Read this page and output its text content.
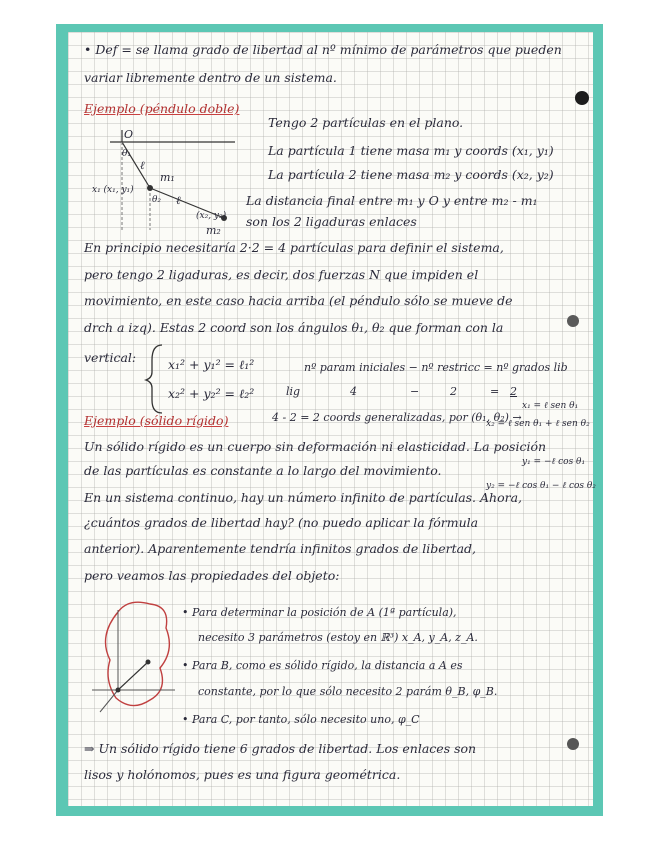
• Def = se llama grado de libertad al nº mínimo de parámetros que pueden
variar libremente dentro de un sistema.
Ejemplo (péndulo doble)
O
θ₁
ℓ
m₁
θ₂ ℓ
x₁ (x₁, y₁)
(x₂, y₂)
m₂
Tengo 2 partículas en el plano.
La partícula 1 tiene masa m₁ y coords (x₁, y₁)
La partícula 2 tiene masa m₂ y coords (x₂, y₂)
La distancia final entre m₁ y O y entre m₂ - m₁
son los 2 ligaduras enlaces
En principio necesitaría 2·2 = 4 partículas para definir el sistema,
pero tengo 2 ligaduras, es decir, dos fuerzas N que impiden el
movimiento, en este caso hacia arriba (el péndulo sólo se mueve de
drch a izq). Estas 2 coord son los ángulos θ₁, θ₂ que forman con la
vertical:	x₁² + y₁² = ℓ₁²
x₂² + y₂² = ℓ₂²
nº param iniciales − nº restricc = nº grados lib
lig	4	−	2	= 2
4 - 2 = 2 coords generalizadas, por (θ₁, θ₂) →
x₁ = ℓ sen θ₁
x₂ = ℓ sen θ₁ + ℓ sen θ₂
y₁ = −ℓ cos θ₁
y₂ = −ℓ cos θ₁ − ℓ cos θ₂
Ejemplo (sólido rígido)
Un sólido rígido es un cuerpo sin deformación ni elasticidad. La posición
de las partículas es constante a lo largo del movimiento.
En un sistema continuo, hay un número infinito de partículas. Ahora,
¿cuántos grados de libertad hay? (no puedo aplicar la fórmula
anterior). Aparentemente tendría infinitos grados de libertad,
pero veamos las propiedades del objeto:
• Para determinar la posición de A (1ª partícula),
necesito 3 parámetros (estoy en ℝ³) x_A, y_A, z_A.
• Para B, como es sólido rígido, la distancia a A es
constante, por lo que sólo necesito 2 parám θ_B, φ_B.
• Para C, por tanto, sólo necesito uno, φ_C
⇒ Un sólido rígido tiene 6 grados de libertad. Los enlaces son
lisos y holónomos, pues es una figura geométrica.
